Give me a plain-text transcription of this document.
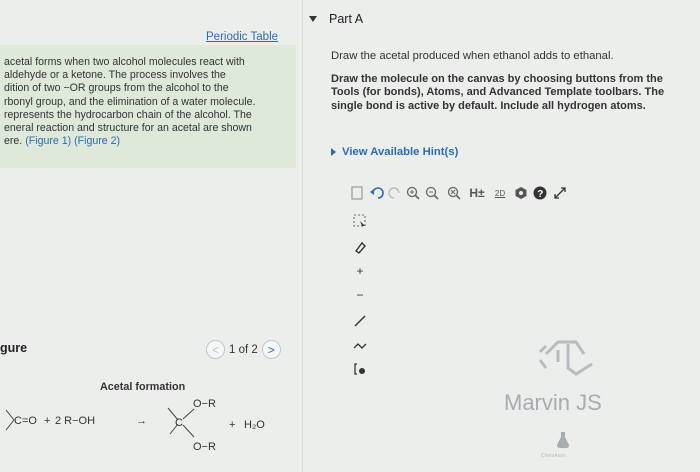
Periodic Table
acetal forms when two alcohol molecules react with
aldehyde or a ketone. The process involves the
dition of two −OR groups from the alcohol to the
rbonyl group, and the elimination of a water molecule.
represents the hydrocarbon chain of the alcohol. The
eneral reaction and structure for an acetal are shown
ere. (Figure 1) (Figure 2)
gure	< 1 of 2 >
Acetal formation
C=O + 2 R−OH	→
O−R
C
O−R
+ H₂O
Part A
Draw the acetal produced when ethanol adds to ethanal.
Draw the molecule on the canvas by choosing buttons from the Tools (for bonds), Atoms, and Advanced Template toolbars. The single bond is active by default. Include all hydrogen atoms.
View Available Hint(s)
H±	2D	?
+
−
Marvin JS
ChemAxon
